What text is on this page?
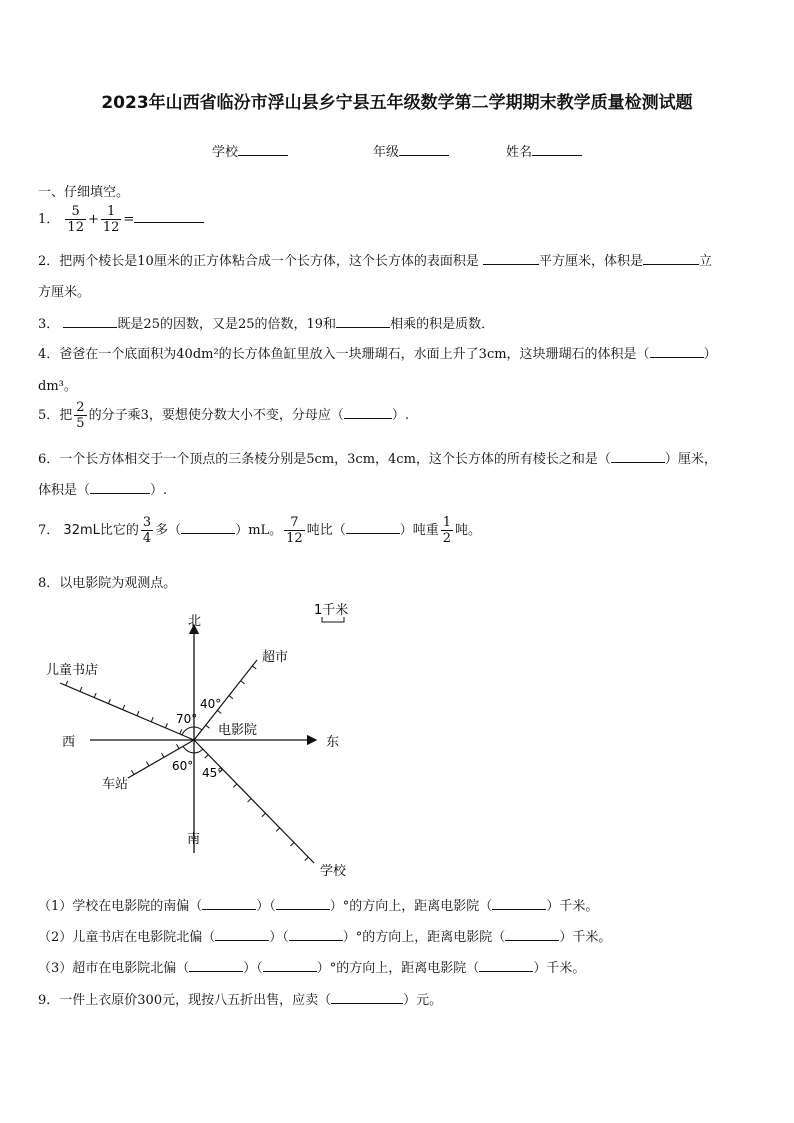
2023年山西省临汾市浮山县乡宁县五年级数学第二学期期末教学质量检测试题
学校	年级	姓名
一、仔细填空。
1． $\frac{5}{12} + \frac{1}{12}$ =
2．把两个棱长是10厘米的正方体粘合成一个长方体，这个长方体的表面积是	平方厘米，体积是	立
方厘米。
3．	既是25的因数，又是25的倍数，19和	相乘的积是质数．
4．爸爸在一个底面积为40dm²的长方体鱼缸里放入一块珊瑚石，水面上升了3cm，这块珊瑚石的体积是（	）
dm³。
5．把 $\frac{2}{5}$ 的分子乘3，要想使分数大小不变，分母应（	）.
6．一个长方体相交于一个顶点的三条棱分别是5cm，3cm，4cm，这个长方体的所有棱长之和是（	）厘米，
体积是（	）.
7． 32mL比它的 $\frac{3}{4}$ 多（	）mL。 $\frac{7}{12}$ 吨比（	）吨重 $\frac{1}{2}$ 吨。
8．以电影院为观测点。
北
南
东
西
电影院
超市
儿童书店
车站
学校
40°
70°
60° 45°
1千米
（1）学校在电影院的南偏（	）（	）°的方向上，距离电影院（	）千米。
（2）儿童书店在电影院北偏（	）（	）°的方向上，距离电影院（	）千米。
（3）超市在电影院北偏（	）（	）°的方向上，距离电影院（	）千米。
9．一件上衣原价300元，现按八五折出售，应卖（	）元。
